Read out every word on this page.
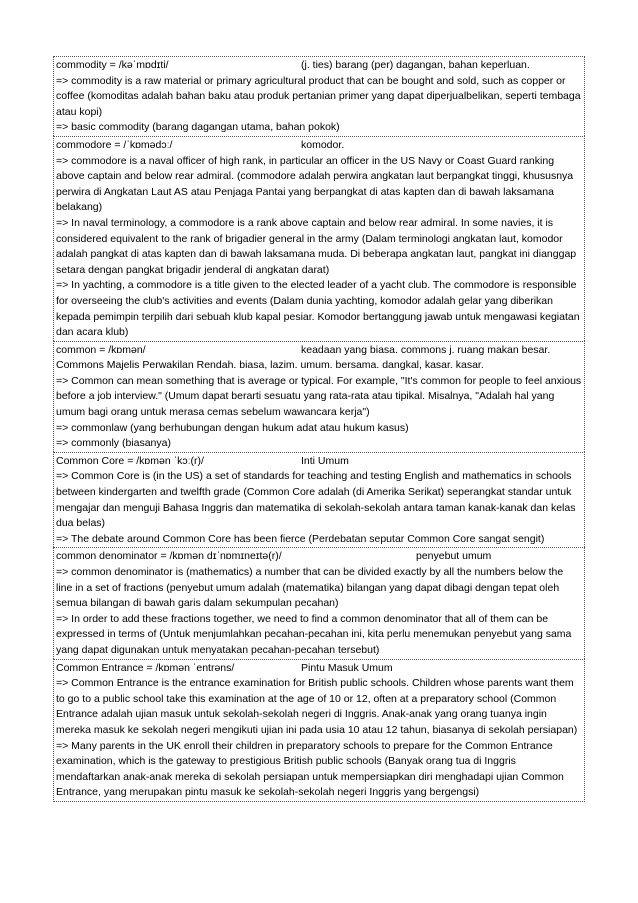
commodity = /kəˈmɒdɪti/	(j. ties) barang (per) dagangan, bahan keperluan.
=> commodity is a raw material or primary agricultural product that can be bought and sold, such as copper or coffee (komoditas adalah bahan baku atau produk pertanian primer yang dapat diperjualbelikan, seperti tembaga atau kopi)
=> basic commodity (barang dagangan utama, bahan pokok)
commodore = /ˈkɒmədɔː/	komodor.
=> commodore is a naval officer of high rank, in particular an officer in the US Navy or Coast Guard ranking above captain and below rear admiral. (commodore adalah perwira angkatan laut berpangkat tinggi, khususnya perwira di Angkatan Laut AS atau Penjaga Pantai yang berpangkat di atas kapten dan di bawah laksamana belakang)
=> In naval terminology, a commodore is a rank above captain and below rear admiral. In some navies, it is considered equivalent to the rank of brigadier general in the army (Dalam terminologi angkatan laut, komodor adalah pangkat di atas kapten dan di bawah laksamana muda. Di beberapa angkatan laut, pangkat ini dianggap setara dengan pangkat brigadir jenderal di angkatan darat)
=> In yachting, a commodore is a title given to the elected leader of a yacht club. The commodore is responsible for overseeing the club's activities and events (Dalam dunia yachting, komodor adalah gelar yang diberikan kepada pemimpin terpilih dari sebuah klub kapal pesiar. Komodor bertanggung jawab untuk mengawasi kegiatan dan acara klub)
common = /kɒmən/	keadaan yang biasa. commons j. ruang makan besar.
Commons Majelis Perwakilan Rendah. biasa, lazim. umum. bersama. dangkal, kasar. kasar.
=> Common can mean something that is average or typical. For example, "It's common for people to feel anxious before a job interview." (Umum dapat berarti sesuatu yang rata-rata atau tipikal. Misalnya, "Adalah hal yang umum bagi orang untuk merasa cemas sebelum wawancara kerja")
=> commonlaw (yang berhubungan dengan hukum adat atau hukum kasus)
=> commonly (biasanya)
Common Core = /kɒmən ˈkɔː(r)/	Inti Umum
=> Common Core is (in the US) a set of standards for teaching and testing English and mathematics in schools between kindergarten and twelfth grade (Common Core adalah (di Amerika Serikat) seperangkat standar untuk mengajar dan menguji Bahasa Inggris dan matematika di sekolah-sekolah antara taman kanak-kanak dan kelas dua belas)
=> The debate around Common Core has been fierce (Perdebatan seputar Common Core sangat sengit)
common denominator = /kɒmən dɪˈnɒmɪneɪtə(r)/	penyebut umum
=> common denominator is (mathematics) a number that can be divided exactly by all the numbers below the line in a set of fractions (penyebut umum adalah (matematika) bilangan yang dapat dibagi dengan tepat oleh semua bilangan di bawah garis dalam sekumpulan pecahan)
=> In order to add these fractions together, we need to find a common denominator that all of them can be expressed in terms of (Untuk menjumlahkan pecahan-pecahan ini, kita perlu menemukan penyebut yang sama yang dapat digunakan untuk menyatakan pecahan-pecahan tersebut)
Common Entrance = /kɒmən ˈentrəns/	Pintu Masuk Umum
=> Common Entrance is the entrance examination for British public schools. Children whose parents want them to go to a public school take this examination at the age of 10 or 12, often at a preparatory school (Common Entrance adalah ujian masuk untuk sekolah-sekolah negeri di Inggris. Anak-anak yang orang tuanya ingin mereka masuk ke sekolah negeri mengikuti ujian ini pada usia 10 atau 12 tahun, biasanya di sekolah persiapan)
=> Many parents in the UK enroll their children in preparatory schools to prepare for the Common Entrance examination, which is the gateway to prestigious British public schools (Banyak orang tua di Inggris mendaftarkan anak-anak mereka di sekolah persiapan untuk mempersiapkan diri menghadapi ujian Common Entrance, yang merupakan pintu masuk ke sekolah-sekolah negeri Inggris yang bergengsi)
